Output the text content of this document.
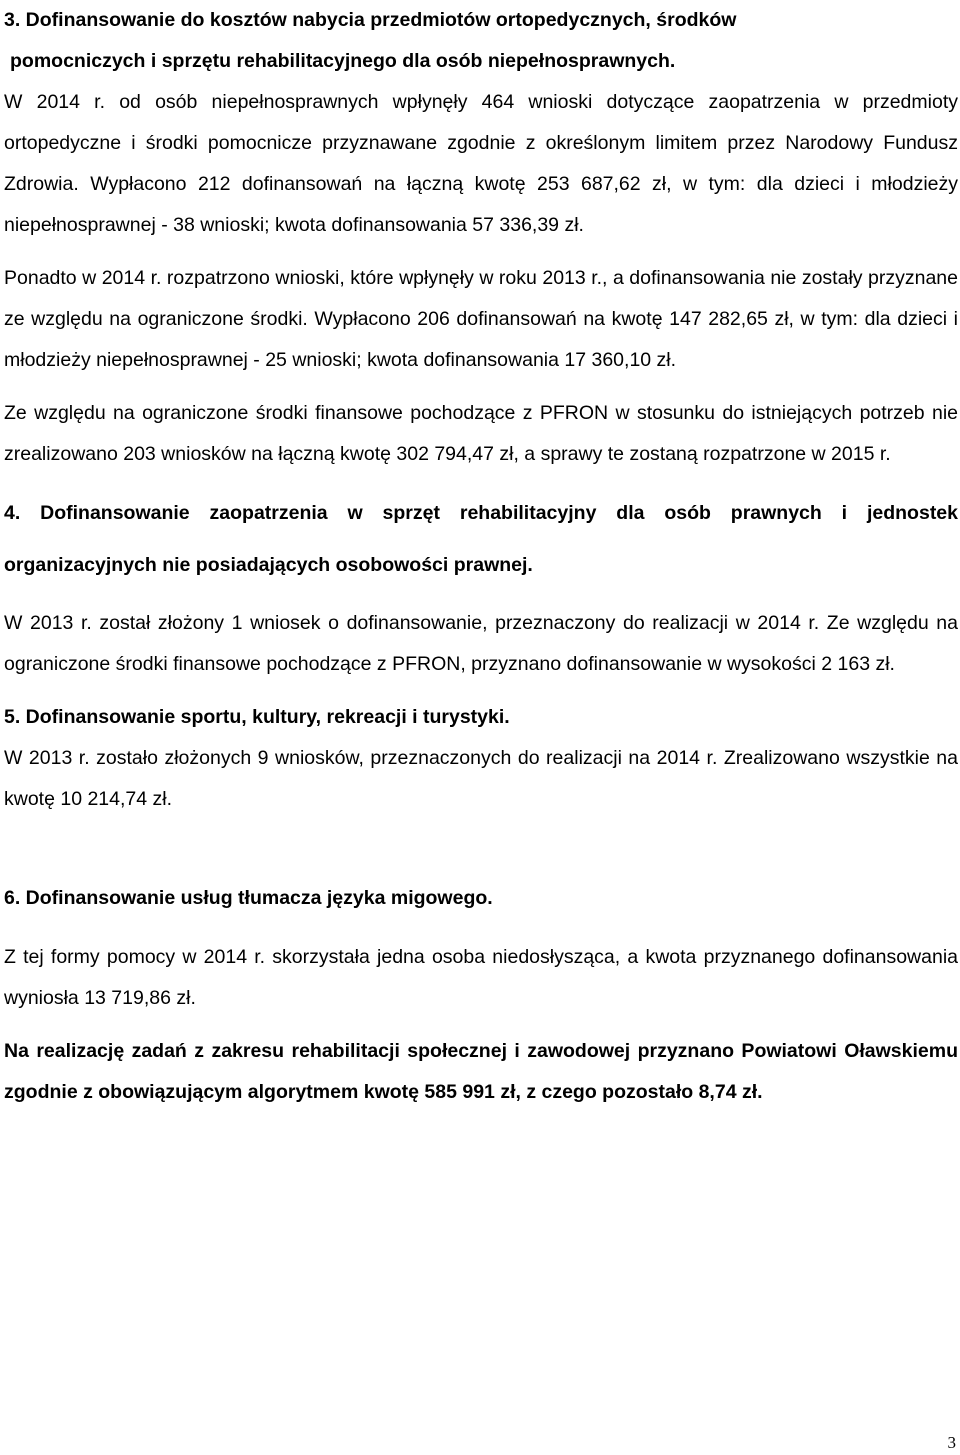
3. Dofinansowanie do kosztów nabycia przedmiotów ortopedycznych, środków

pomocniczych i sprzętu rehabilitacyjnego dla osób niepełnosprawnych.

W 2014 r. od osób niepełnosprawnych wpłynęły 464 wnioski dotyczące zaopatrzenia w przedmioty ortopedyczne i środki pomocnicze przyznawane zgodnie z określonym limitem przez Narodowy Fundusz Zdrowia. Wypłacono 212 dofinansowań na łączną kwotę 253 687,62 zł, w tym: dla dzieci i młodzieży niepełnosprawnej - 38 wnioski; kwota dofinansowania 57 336,39 zł.

Ponadto w 2014 r. rozpatrzono wnioski, które wpłynęły w roku 2013 r., a dofinansowania nie zostały przyznane ze względu na ograniczone środki. Wypłacono 206 dofinansowań na kwotę 147 282,65 zł, w tym: dla dzieci i młodzieży niepełnosprawnej - 25 wnioski; kwota dofinansowania 17 360,10 zł.

Ze względu na ograniczone środki finansowe pochodzące z PFRON w stosunku do istniejących potrzeb nie zrealizowano 203 wniosków na łączną kwotę 302 794,47 zł, a sprawy te zostaną rozpatrzone w 2015 r.

4. Dofinansowanie zaopatrzenia w sprzęt rehabilitacyjny dla osób prawnych i jednostek organizacyjnych nie posiadających osobowości prawnej.

W 2013 r. został złożony 1 wniosek o dofinansowanie, przeznaczony do realizacji w 2014 r. Ze względu na ograniczone środki finansowe pochodzące z PFRON, przyznano dofinansowanie w wysokości 2 163 zł.

5. Dofinansowanie sportu, kultury, rekreacji i turystyki.

W 2013 r. zostało złożonych 9 wniosków, przeznaczonych do realizacji na 2014 r. Zrealizowano wszystkie na kwotę 10 214,74 zł.

6. Dofinansowanie usług tłumacza języka migowego.

Z tej formy pomocy w 2014 r. skorzystała jedna osoba niedosłysząca, a kwota przyznanego dofinansowania wyniosła 13 719,86 zł.

Na realizację zadań z zakresu rehabilitacji społecznej i zawodowej przyznano Powiatowi Oławskiemu zgodnie z obowiązującym algorytmem kwotę 585 991 zł, z czego pozostało 8,74 zł.

3
